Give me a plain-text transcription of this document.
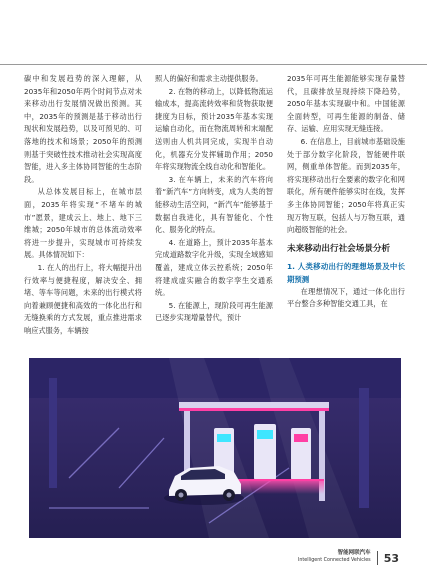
碳中和发展趋势的深入理解，从2035年和2050年两个时间节点对未来移动出行发展情况做出预测。其中，2035年的预测是基于移动出行现状和发展趋势，以及可预见的、可落地的技术和场景；2050年的预测则基于突破性技术推动社会实现高度智能，进入多主体协同智能的生态阶段。

从总体发展目标上，在城市层面，2035年将实现“不堵车的城市”愿景，建成云上、地上、地下三维城；2050年城市的总体流动效率将进一步提升，实现城市可持续发展。具体情况如下：

1. 在人的出行上，将大幅提升出行效率与便捷程度，解决安全、拥堵、等车等问题，未来的出行模式将向着兼顾便捷和高效的一体化出行和无缝换乘的方式发展，重点推进需求响应式服务，车辆按

照人的偏好和需求主动提供服务。

2. 在物的移动上，以降低物流运输成本，提高流转效率和货物获取便捷度为目标，预计2035年基本实现运输自动化，而在物流周转和末端配送则由人机共同完成，实现半自动化，机器充分发挥辅助作用；2050年将实现物流全线自动化和智能化。

3. 在车辆上，未来的汽车将向着“新汽车”方向转变，成为人类的智能移动生活空间，“新汽车”能够基于数据自我进化，具有智能化、个性化、服务化的特点。

4. 在道路上，预计2035年基本完成道路数字化升级，实现全域感知覆盖，建成立体云控系统；2050年将建成虚实融合的数字孪生交通系统。

5. 在能源上，现阶段可再生能源已逐步实现增量替代，预计

2035年可再生能源能够实现存量替代，且碳排放呈现持续下降趋势，2050年基本实现碳中和。中国能源全面转型，可再生能源的制备、储存、运输、应用实现无缝连接。

6. 在信息上，目前城市基础设施处于部分数字化阶段，智能硬件联网，侧重单体智能。而到2035年，将实现移动出行全要素的数字化和网联化，所有硬件能够实时在线，发挥多主体协同智能；2050年将真正实现万物互联，包括人与万物互联，通向超级智能的社会。

未来移动出行社会场景分析

1. 人类移动出行的理想场景及中长期预测

在理想情况下，通过一体化出行平台整合多种智能交通工具，在

智能网联汽车
Intelligent Connected Vehicles 53
